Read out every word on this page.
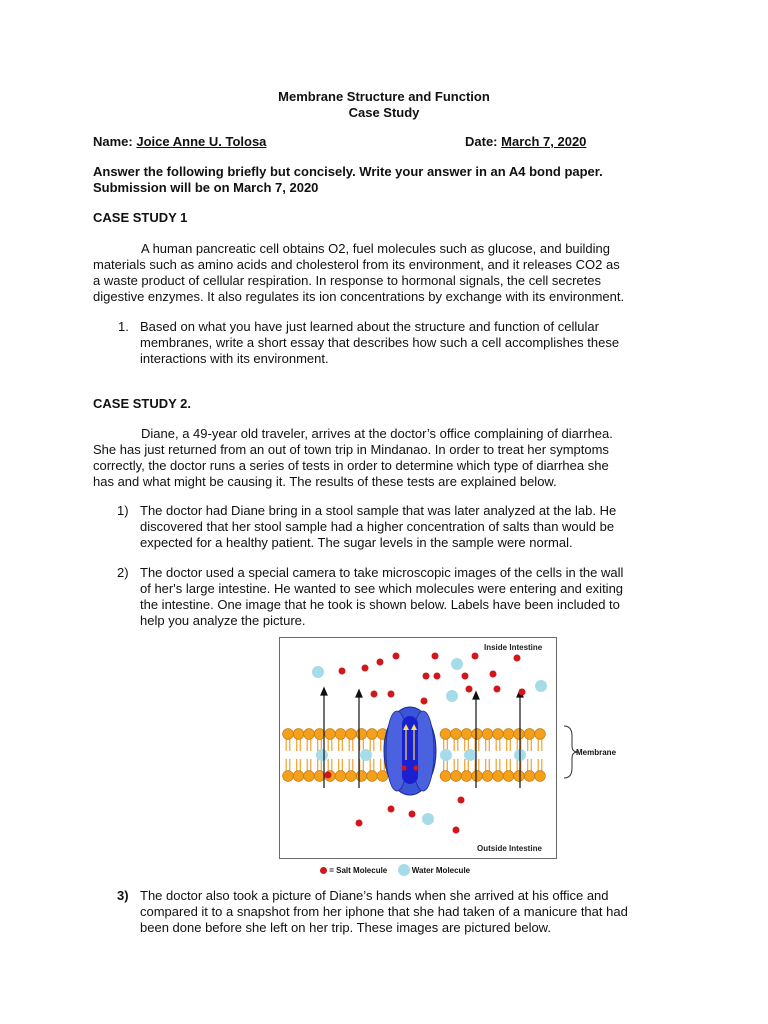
Membrane Structure and Function
Case Study
Name: Joice Anne U. Tolosa	Date: March 7, 2020
Answer the following briefly but concisely. Write your answer in an A4 bond paper.
Submission will be on March 7, 2020
CASE STUDY 1
A human pancreatic cell obtains O2, fuel molecules such as glucose, and building
materials such as amino acids and cholesterol from its environment, and it releases CO2 as
a waste product of cellular respiration. In response to hormonal signals, the cell secretes
digestive enzymes. It also regulates its ion concentrations by exchange with its environment.
1. Based on what you have just learned about the structure and function of cellular
membranes, write a short essay that describes how such a cell accomplishes these
interactions with its environment.
CASE STUDY 2.
Diane, a 49-year old traveler, arrives at the doctor’s office complaining of diarrhea.
She has just returned from an out of town trip in Mindanao. In order to treat her symptoms
correctly, the doctor runs a series of tests in order to determine which type of diarrhea she
has and what might be causing it. The results of these tests are explained below.
1) The doctor had Diane bring in a stool sample that was later analyzed at the lab. He
discovered that her stool sample had a higher concentration of salts than would be
expected for a healthy patient. The sugar levels in the sample were normal.
2) The doctor used a special camera to take microscopic images of the cells in the wall
of her's large intestine. He wanted to see which molecules were entering and exiting
the intestine. One image that he took is shown below. Labels have been included to
help you analyze the picture.
Inside Intestine
Outside Intestine
Membrane
= Salt Molecule	Water Molecule
3) The doctor also took a picture of Diane’s hands when she arrived at his office and
compared it to a snapshot from her iphone that she had taken of a manicure that had
been done before she left on her trip. These images are pictured below.
